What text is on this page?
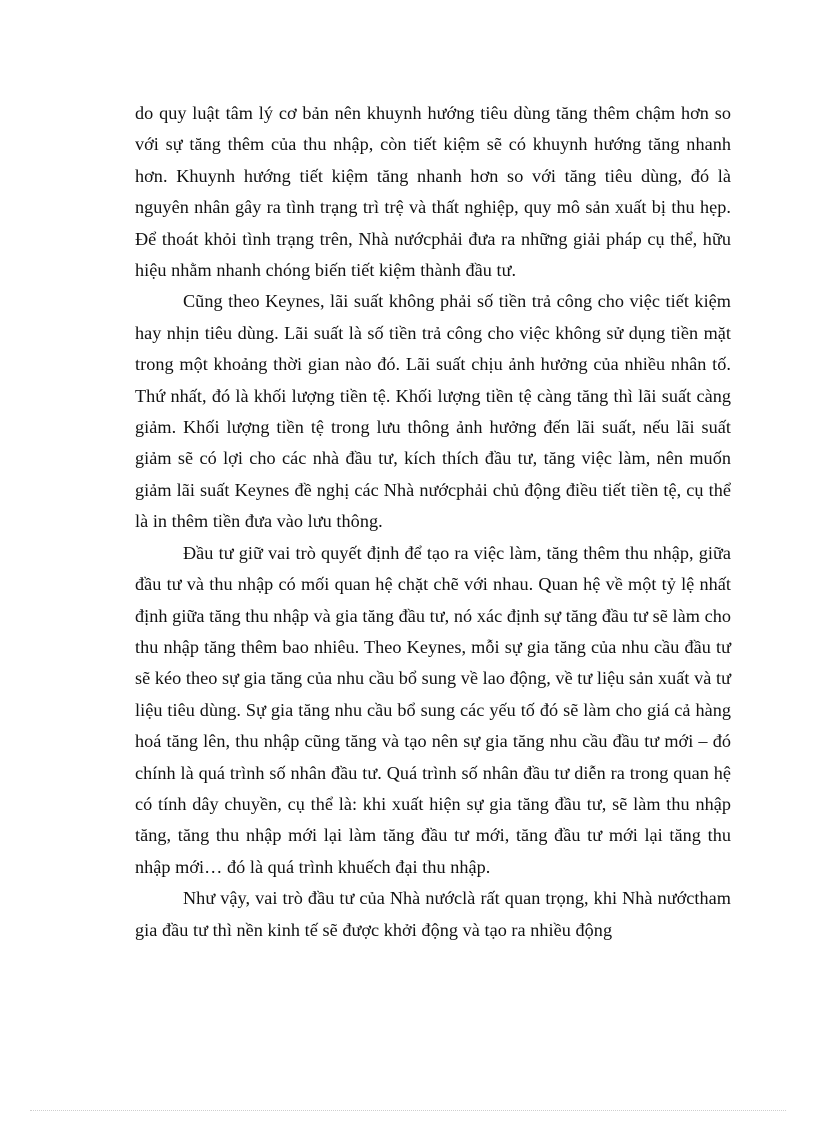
do quy luật tâm lý cơ bản nên khuynh hướng tiêu dùng tăng thêm chậm hơn so với sự tăng thêm của thu nhập, còn tiết kiệm sẽ có khuynh hướng tăng nhanh hơn. Khuynh hướng tiết kiệm tăng nhanh hơn so với tăng tiêu dùng, đó là nguyên nhân gây ra tình trạng trì trệ và thất nghiệp, quy mô sản xuất bị thu hẹp. Để thoát khỏi tình trạng trên, Nhà nướcphải đưa ra những giải pháp cụ thể, hữu hiệu nhằm nhanh chóng biến tiết kiệm thành đầu tư.

Cũng theo Keynes, lãi suất không phải số tiền trả công cho việc tiết kiệm hay nhịn tiêu dùng. Lãi suất là số tiền trả công cho việc không sử dụng tiền mặt trong một khoảng thời gian nào đó. Lãi suất chịu ảnh hưởng của nhiều nhân tố. Thứ nhất, đó là khối lượng tiền tệ. Khối lượng tiền tệ càng tăng thì lãi suất càng giảm. Khối lượng tiền tệ trong lưu thông ảnh hưởng đến lãi suất, nếu lãi suất giảm sẽ có lợi cho các nhà đầu tư, kích thích đầu tư, tăng việc làm, nên muốn giảm lãi suất Keynes đề nghị các Nhà nướcphải chủ động điều tiết tiền tệ, cụ thể là in thêm tiền đưa vào lưu thông.

Đầu tư giữ vai trò quyết định để tạo ra việc làm, tăng thêm thu nhập, giữa đầu tư và thu nhập có mối quan hệ chặt chẽ với nhau. Quan hệ về một tỷ lệ nhất định giữa tăng thu nhập và gia tăng đầu tư, nó xác định sự tăng đầu tư sẽ làm cho thu nhập tăng thêm bao nhiêu. Theo Keynes, mỗi sự gia tăng của nhu cầu đầu tư sẽ kéo theo sự gia tăng của nhu cầu bổ sung về lao động, về tư liệu sản xuất và tư liệu tiêu dùng. Sự gia tăng nhu cầu bổ sung các yếu tố đó sẽ làm cho giá cả hàng hoá tăng lên, thu nhập cũng tăng và tạo nên sự gia tăng nhu cầu đầu tư mới – đó chính là quá trình số nhân đầu tư. Quá trình số nhân đầu tư diễn ra trong quan hệ có tính dây chuyền, cụ thể là: khi xuất hiện sự gia tăng đầu tư, sẽ làm thu nhập tăng, tăng thu nhập mới lại làm tăng đầu tư mới, tăng đầu tư mới lại tăng thu nhập mới… đó là quá trình khuếch đại thu nhập.

Như vậy, vai trò đầu tư của Nhà nướclà rất quan trọng, khi Nhà nướctham gia đầu tư thì nền kinh tế sẽ được khởi động và tạo ra nhiều động
